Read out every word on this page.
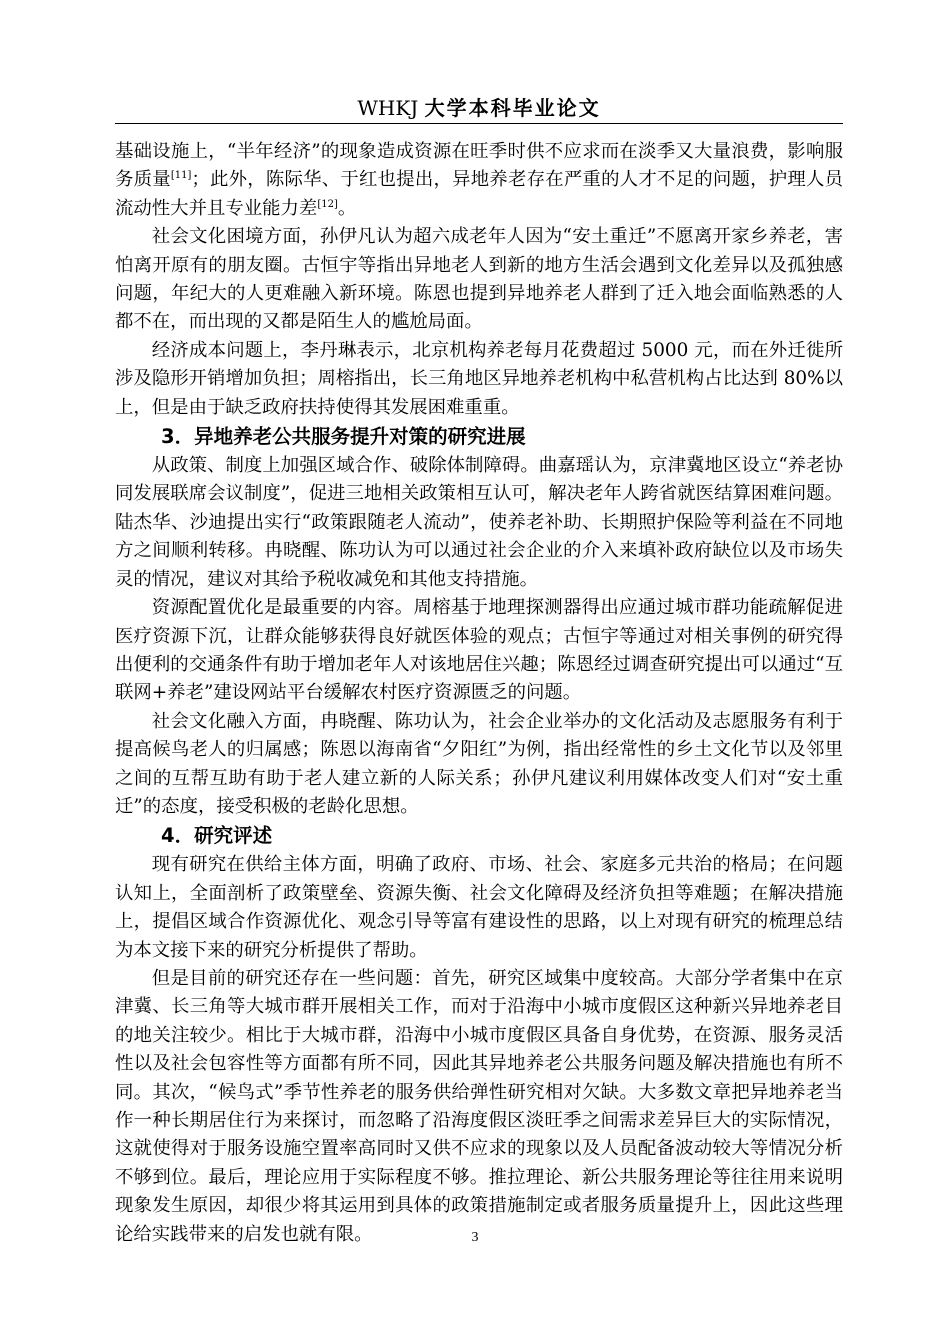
WHKJ 大学本科毕业论文

基础设施上，“半年经济”的现象造成资源在旺季时供不应求而在淡季又大量浪费，影响服务质量[11]；此外，陈际华、于红也提出，异地养老存在严重的人才不足的问题，护理人员流动性大并且专业能力差[12]。

社会文化困境方面，孙伊凡认为超六成老年人因为“安土重迁”不愿离开家乡养老，害怕离开原有的朋友圈。古恒宇等指出异地老人到新的地方生活会遇到文化差异以及孤独感问题，年纪大的人更难融入新环境。陈恩也提到异地养老人群到了迁入地会面临熟悉的人都不在，而出现的又都是陌生人的尴尬局面。

经济成本问题上，李丹琳表示，北京机构养老每月花费超过 5000 元，而在外迁徙所涉及隐形开销增加负担；周榕指出，长三角地区异地养老机构中私营机构占比达到 80%以上，但是由于缺乏政府扶持使得其发展困难重重。

3．异地养老公共服务提升对策的研究进展

从政策、制度上加强区域合作、破除体制障碍。曲嘉瑶认为，京津冀地区设立“养老协同发展联席会议制度”，促进三地相关政策相互认可，解决老年人跨省就医结算困难问题。陆杰华、沙迪提出实行“政策跟随老人流动”，使养老补助、长期照护保险等利益在不同地方之间顺利转移。冉晓醒、陈功认为可以通过社会企业的介入来填补政府缺位以及市场失灵的情况，建议对其给予税收减免和其他支持措施。

资源配置优化是最重要的内容。周榕基于地理探测器得出应通过城市群功能疏解促进医疗资源下沉，让群众能够获得良好就医体验的观点；古恒宇等通过对相关事例的研究得出便利的交通条件有助于增加老年人对该地居住兴趣；陈恩经过调查研究提出可以通过“互联网+养老”建设网站平台缓解农村医疗资源匮乏的问题。

社会文化融入方面，冉晓醒、陈功认为，社会企业举办的文化活动及志愿服务有利于提高候鸟老人的归属感；陈恩以海南省“夕阳红”为例，指出经常性的乡土文化节以及邻里之间的互帮互助有助于老人建立新的人际关系；孙伊凡建议利用媒体改变人们对“安土重迁”的态度，接受积极的老龄化思想。

4．研究评述

现有研究在供给主体方面，明确了政府、市场、社会、家庭多元共治的格局；在问题认知上，全面剖析了政策壁垒、资源失衡、社会文化障碍及经济负担等难题；在解决措施上，提倡区域合作资源优化、观念引导等富有建设性的思路，以上对现有研究的梳理总结为本文接下来的研究分析提供了帮助。

但是目前的研究还存在一些问题：首先，研究区域集中度较高。大部分学者集中在京津冀、长三角等大城市群开展相关工作，而对于沿海中小城市度假区这种新兴异地养老目的地关注较少。相比于大城市群，沿海中小城市度假区具备自身优势，在资源、服务灵活性以及社会包容性等方面都有所不同，因此其异地养老公共服务问题及解决措施也有所不同。其次，“候鸟式”季节性养老的服务供给弹性研究相对欠缺。大多数文章把异地养老当作一种长期居住行为来探讨，而忽略了沿海度假区淡旺季之间需求差异巨大的实际情况，这就使得对于服务设施空置率高同时又供不应求的现象以及人员配备波动较大等情况分析不够到位。最后，理论应用于实际程度不够。推拉理论、新公共服务理论等往往用来说明现象发生原因，却很少将其运用到具体的政策措施制定或者服务质量提升上，因此这些理论给实践带来的启发也就有限。	3
